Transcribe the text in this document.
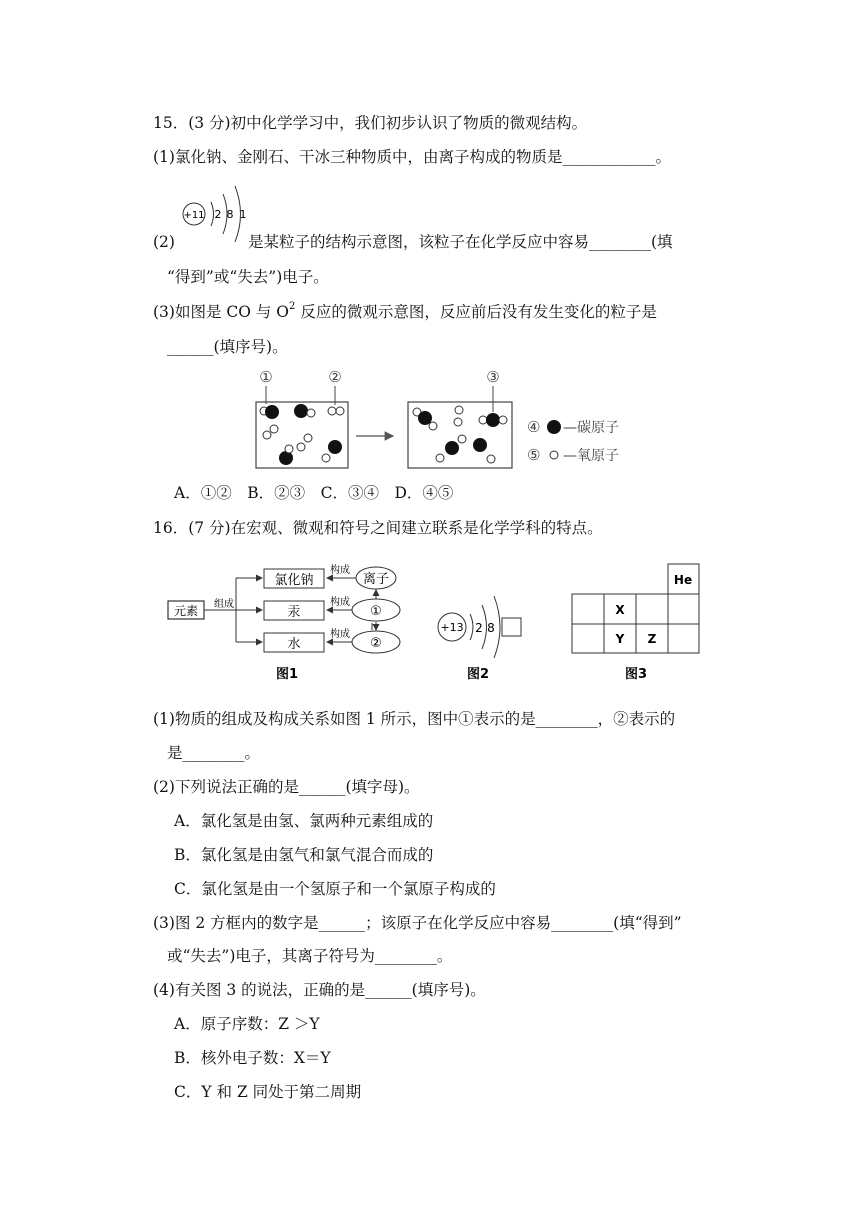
15．(3 分)初中化学学习中，我们初步认识了物质的微观结构。
(1)氯化钠、金刚石、干冰三种物质中，由离子构成的物质是____________。
+11 2 8 1
(2)	是某粒子的结构示意图，该粒子在化学反应中容易________(填
“得到”或“失去”)电子。
(3)如图是 CO 与 $O^2$ 反应的微观示意图，反应前后没有发生变化的粒子是
______(填序号)。
①	②	③
④ —碳原子
⑤ —氧原子
A．①②　B．②③　C．③④　D．④⑤
16．(7 分)在宏观、微观和符号之间建立联系是化学学科的特点。
元素 组成
氯化钠
汞
水
构成
构成
构成
离子
①
②
图1
+13 2 8
图2
He
X
Y Z
图3
(1)物质的组成及构成关系如图 1 所示，图中①表示的是________，②表示的
是________。
(2)下列说法正确的是______(填字母)。
A．氯化氢是由氢、氯两种元素组成的
B．氯化氢是由氢气和氯气混合而成的
C．氯化氢是由一个氢原子和一个氯原子构成的
(3)图 2 方框内的数字是______；该原子在化学反应中容易________(填“得到”
或“失去”)电子，其离子符号为________。
(4)有关图 3 的说法，正确的是______(填序号)。
A．原子序数：Z ＞Y
B．核外电子数：X＝Y
C．Y 和 Z 同处于第二周期
